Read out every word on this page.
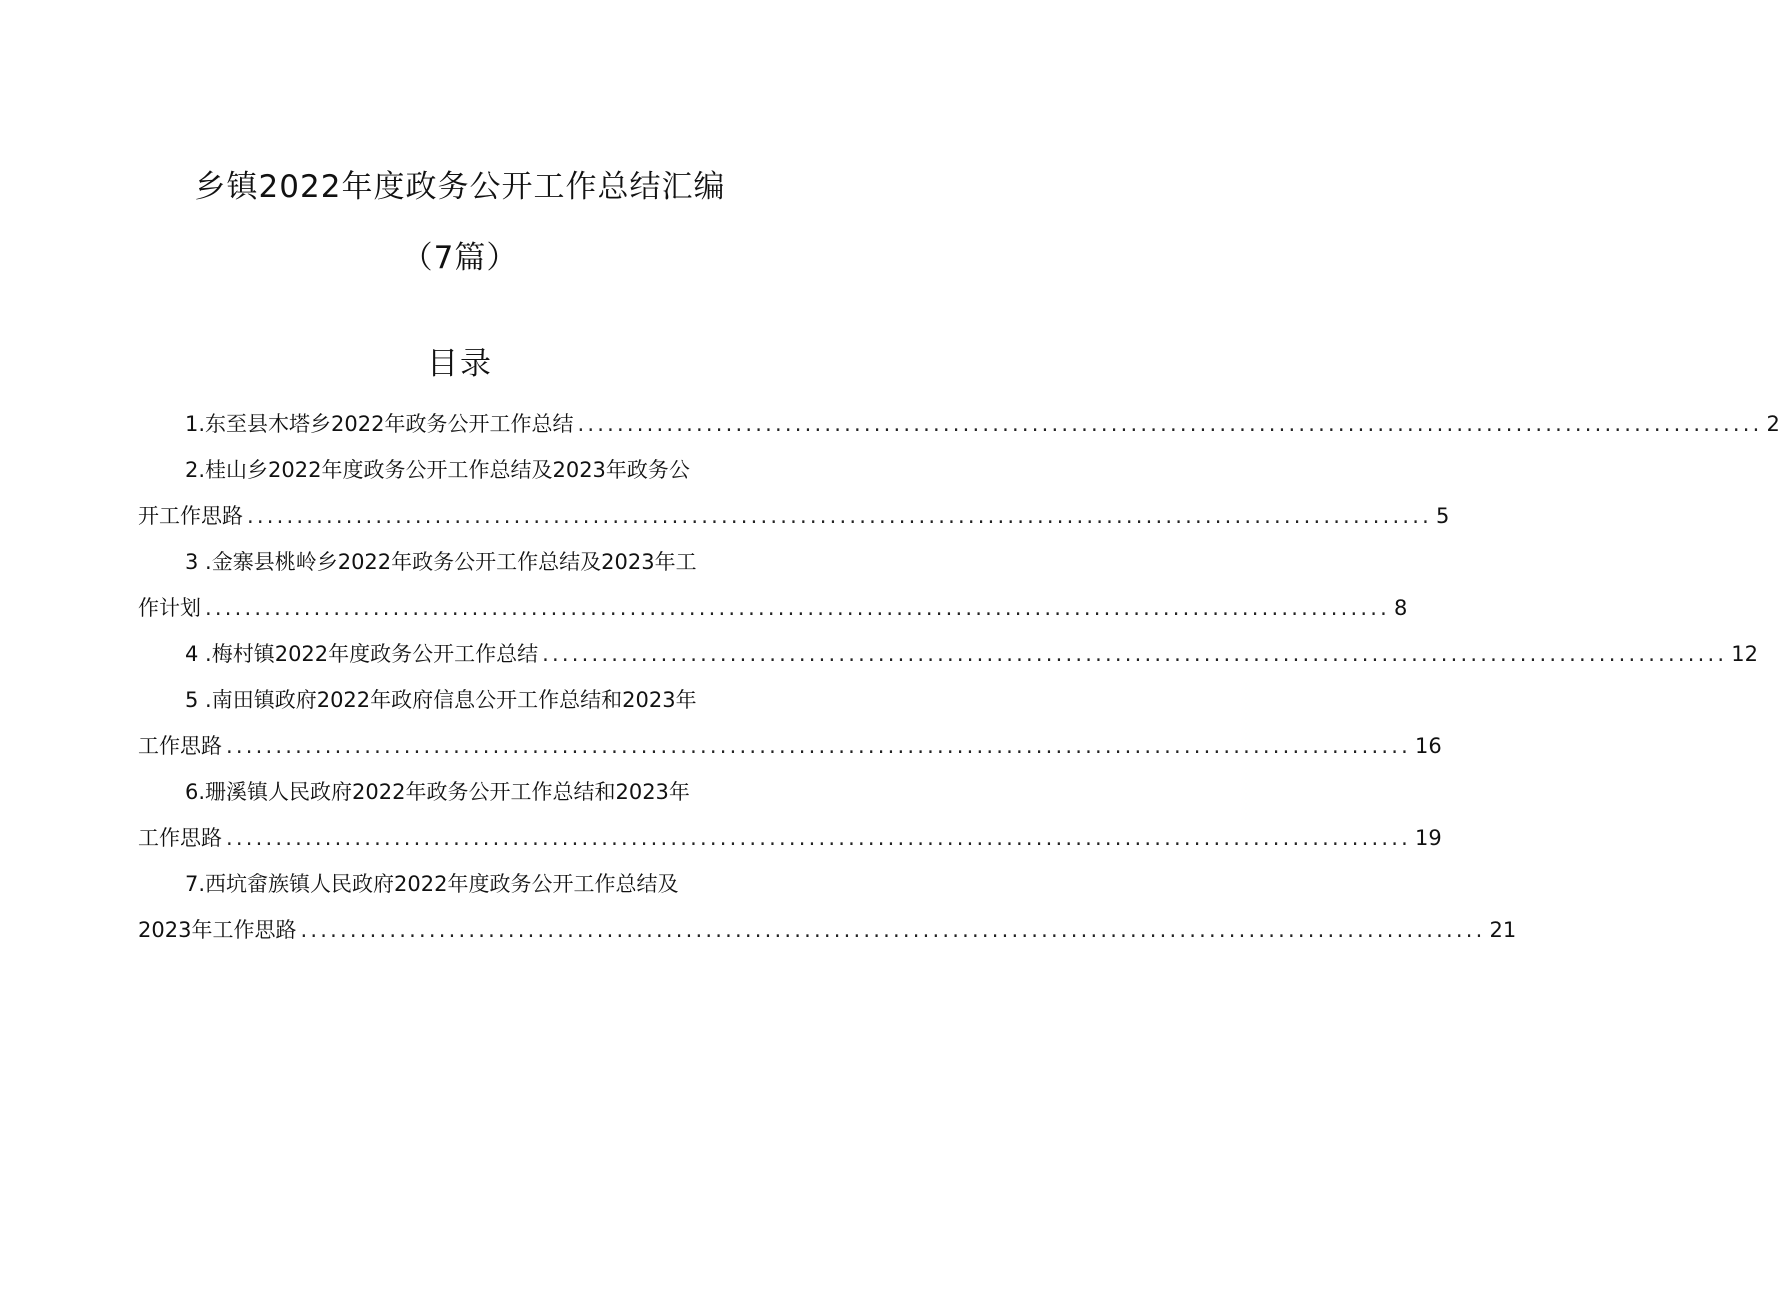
乡镇2022年度政务公开工作总结汇编
（7篇）
目录
1.东至县木塔乡2022年政务公开工作总结 ........................................................................................................................ 2
2.桂山乡2022年度政务公开工作总结及2023年政务公
开工作思路 ........................................................................................................................ 5
3 .金寨县桃岭乡2022年政务公开工作总结及2023年工
作计划 ........................................................................................................................ 8
4 .梅村镇2022年度政务公开工作总结 ........................................................................................................................ 12
5 .南田镇政府2022年政府信息公开工作总结和2023年
工作思路 ........................................................................................................................ 16
6.珊溪镇人民政府2022年政务公开工作总结和2023年
工作思路 ........................................................................................................................ 19
7.西坑畲族镇人民政府2022年度政务公开工作总结及
2023年工作思路 ........................................................................................................................ 21
